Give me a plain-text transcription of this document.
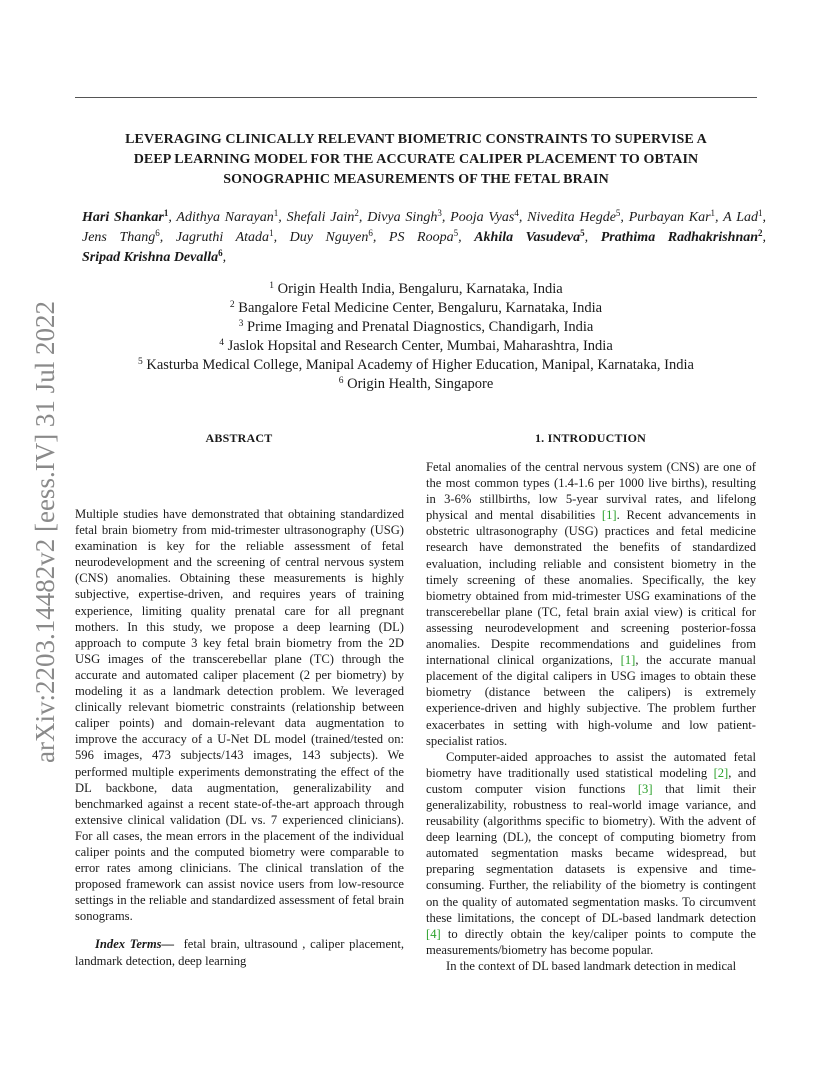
arXiv:2203.14482v2 [eess.IV] 31 Jul 2022
LEVERAGING CLINICALLY RELEVANT BIOMETRIC CONSTRAINTS TO SUPERVISE A
DEEP LEARNING MODEL FOR THE ACCURATE CALIPER PLACEMENT TO OBTAIN
SONOGRAPHIC MEASUREMENTS OF THE FETAL BRAIN
Hari Shankar$^1$, Adithya Narayan$^1$, Shefali Jain$^2$, Divya Singh$^3$, Pooja Vyas$^4$, Nivedita Hegde$^5$, Purbayan Kar$^1$, A Lad$^1$, Jens Thang$^6$, Jagruthi Atada$^1$, Duy Nguyen$^6$, PS Roopa$^5$, Akhila Vasudeva$^5$, Prathima Radhakrishnan$^2$, Sripad Krishna Devalla$^6$,
$^1$ Origin Health India, Bengaluru, Karnataka, India
$^2$ Bangalore Fetal Medicine Center, Bengaluru, Karnataka, India
$^3$ Prime Imaging and Prenatal Diagnostics, Chandigarh, India
$^4$ Jaslok Hopsital and Research Center, Mumbai, Maharashtra, India
$^5$ Kasturba Medical College, Manipal Academy of Higher Education, Manipal, Karnataka, India
$^6$ Origin Health, Singapore
ABSTRACT

Multiple studies have demonstrated that obtaining standardized fetal brain biometry from mid-trimester ultrasonography (USG) examination is key for the reliable assessment of fetal neurodevelopment and the screening of central nervous system (CNS) anomalies. Obtaining these measurements is highly subjective, expertise-driven, and requires years of training experience, limiting quality prenatal care for all pregnant mothers. In this study, we propose a deep learning (DL) approach to compute 3 key fetal brain biometry from the 2D USG images of the transcerebellar plane (TC) through the accurate and automated caliper placement (2 per biometry) by modeling it as a landmark detection problem. We leveraged clinically relevant biometric constraints (relationship between caliper points) and domain-relevant data augmentation to improve the accuracy of a U-Net DL model (trained/tested on: 596 images, 473 subjects/143 images, 143 subjects). We performed multiple experiments demonstrating the effect of the DL backbone, data augmentation, generalizability and benchmarked against a recent state-of-the-art approach through extensive clinical validation (DL vs. 7 experienced clinicians). For all cases, the mean errors in the placement of the individual caliper points and the computed biometry were comparable to error rates among clinicians. The clinical translation of the proposed framework can assist novice users from low-resource settings in the reliable and standardized assessment of fetal brain sonograms.

Index Terms— fetal brain, ultrasound , caliper placement, landmark detection, deep learning

1. INTRODUCTION

Fetal anomalies of the central nervous system (CNS) are one of the most common types (1.4-1.6 per 1000 live births), resulting in 3-6% stillbirths, low 5-year survival rates, and lifelong physical and mental disabilities [1]. Recent advancements in obstetric ultrasonography (USG) practices and fetal medicine research have demonstrated the benefits of standardized evaluation, including reliable and consistent biometry in the timely screening of these anomalies. Specifically, the key biometry obtained from mid-trimester USG examinations of the transcerebellar plane (TC, fetal brain axial view) is critical for assessing neurodevelopment and screening posterior-fossa anomalies. Despite recommendations and guidelines from international clinical organizations, [1], the accurate manual placement of the digital calipers in USG images to obtain these biometry (distance between the calipers) is extremely experience-driven and highly subjective. The problem further exacerbates in setting with high-volume and low patient-specialist ratios.

Computer-aided approaches to assist the automated fetal biometry have traditionally used statistical modeling [2], and custom computer vision functions [3] that limit their generalizability, robustness to real-world image variance, and reusability (algorithms specific to biometry). With the advent of deep learning (DL), the concept of computing biometry from automated segmentation masks became widespread, but preparing segmentation datasets is expensive and time-consuming. Further, the reliability of the biometry is contingent on the quality of automated segmentation masks. To circumvent these limitations, the concept of DL-based landmark detection [4] to directly obtain the key/caliper points to compute the measurements/biometry has become popular.

In the context of DL based landmark detection in medical
